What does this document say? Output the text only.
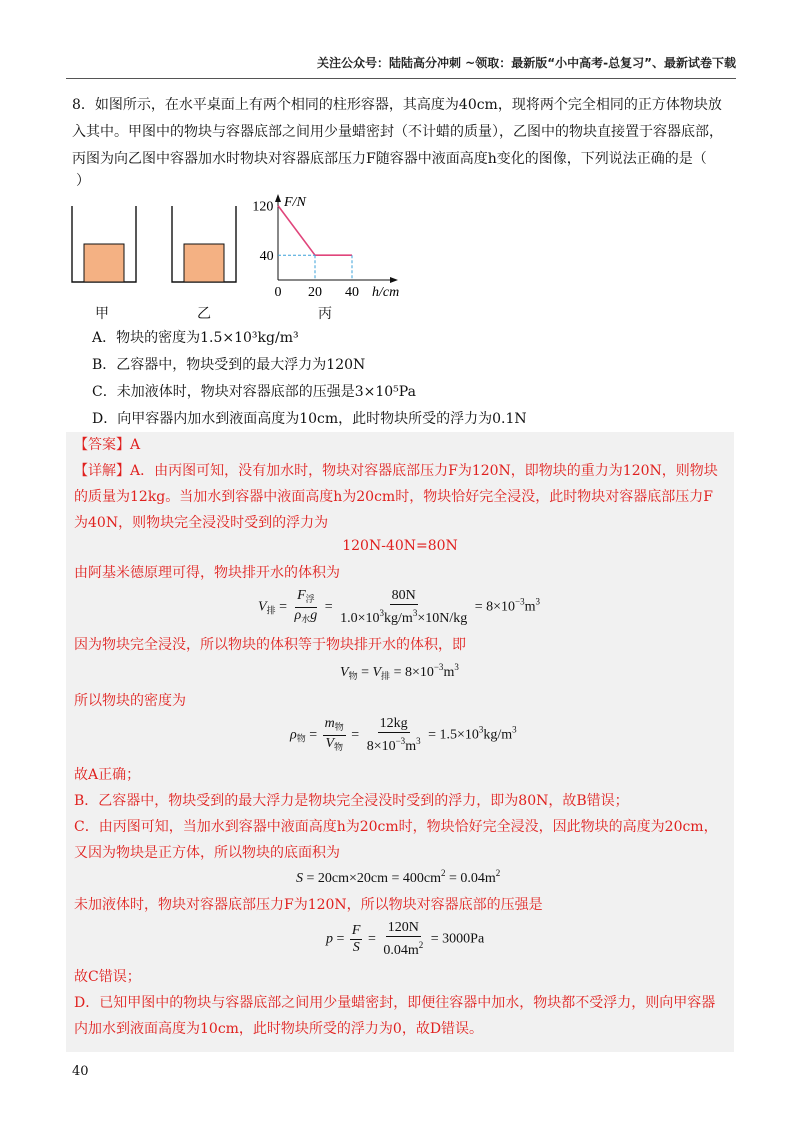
关注公众号：陆陆高分冲刺 ~领取：最新版“小中高考-总复习”、最新试卷下载
8．如图所示，在水平桌面上有两个相同的柱形容器，其高度为40cm，现将两个完全相同的正方体物块放
入其中。甲图中的物块与容器底部之间用少量蜡密封（不计蜡的质量），乙图中的物块直接置于容器底部，
丙图为向乙图中容器加水时物块对容器底部压力F随容器中液面高度h变化的图像，下列说法正确的是（
）
甲	乙	丙
0 20 40
120
40
F/N
h/cm
A．物块的密度为1.5×10³kg/m³
B．乙容器中，物块受到的最大浮力为120N
C．未加液体时，物块对容器底部的压强是3×10⁵Pa
D．向甲容器内加水到液面高度为10cm，此时物块所受的浮力为0.1N
【答案】A
【详解】A．由丙图可知，没有加水时，物块对容器底部压力F为120N，即物块的重力为120N，则物块
的质量为12kg。当加水到容器中液面高度h为20cm时，物块恰好完全浸没，此时物块对容器底部压力F
为40N，则物块完全浸没时受到的浮力为
120N-40N=80N
由阿基米德原理可得，物块排开水的体积为
$V_排 = \frac{F_浮}{\rho_水g} = \frac{80N}{1.0\times 10^3kg/m^3\times 10N/kg} = 8\times 10^{-3}m^3$
因为物块完全浸没，所以物块的体积等于物块排开水的体积，即
$V_物 = V_排 = 8\times 10^{-3}m^3$
所以物块的密度为
$\rho_物 = \frac{m_物}{V_物} = \frac{12kg}{8\times 10^{-3}m^3} = 1.5\times 10^3kg/m^3$
故A正确；
B．乙容器中，物块受到的最大浮力是物块完全浸没时受到的浮力，即为80N，故B错误；
C．由丙图可知，当加水到容器中液面高度h为20cm时，物块恰好完全浸没，因此物块的高度为20cm，
又因为物块是正方体，所以物块的底面积为
$S = 20cm\times 20cm = 400cm^2 = 0.04m^2$
未加液体时，物块对容器底部压力F为120N，所以物块对容器底部的压强是
$p = \frac{F}{S} = \frac{120N}{0.04m^2} = 3000Pa$
故C错误；
D．已知甲图中的物块与容器底部之间用少量蜡密封，即便往容器中加水，物块都不受浮力，则向甲容器
内加水到液面高度为10cm，此时物块所受的浮力为0，故D错误。
40
